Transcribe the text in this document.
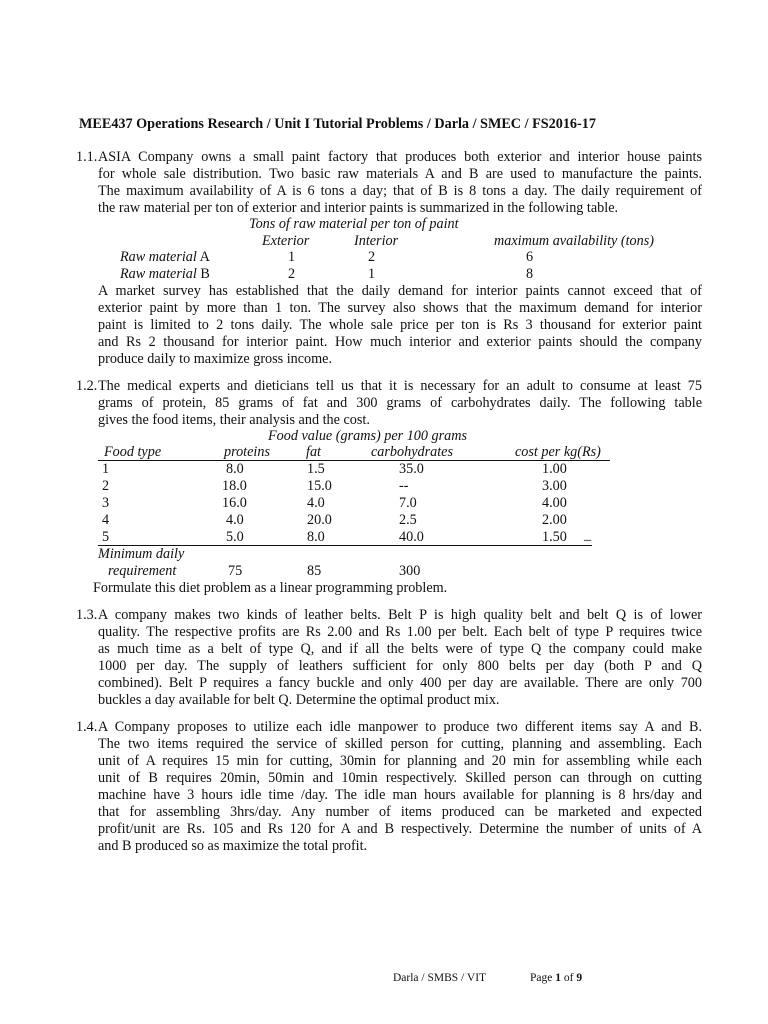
MEE437 Operations Research / Unit I Tutorial Problems / Darla / SMEC / FS2016-17
1.1. ASIA Company owns a small paint factory that produces both exterior and interior house paints
for whole sale distribution. Two basic raw materials A and B are used to manufacture the paints.
The maximum availability of A is 6 tons a day; that of B is 8 tons a day. The daily requirement of
the raw material per ton of exterior and interior paints is summarized in the following table.
Tons of raw material per ton of paint
Exterior	Interior	maximum availability (tons)
Raw material A	1	2	6
Raw material B	2	1	8
A market survey has established that the daily demand for interior paints cannot exceed that of
exterior paint by more than 1 ton. The survey also shows that the maximum demand for interior
paint is limited to 2 tons daily. The whole sale price per ton is Rs 3 thousand for exterior paint
and Rs 2 thousand for interior paint. How much interior and exterior paints should the company
produce daily to maximize gross income.
1.2. The medical experts and dieticians tell us that it is necessary for an adult to consume at least 75
grams of protein, 85 grams of fat and 300 grams of carbohydrates daily. The following table
gives the food items, their analysis and the cost.
Food value (grams) per 100 grams
Food type	proteins	fat	carbohydrates	cost per kg(Rs)
1	8.0	1.5	35.0	1.00
2	18.0	15.0	--	3.00
3	16.0	4.0	7.0	4.00
4	4.0	20.0	2.5	2.00
5	5.0	8.0	40.0	1.50 _
Minimum daily
requirement	75	85	300
Formulate this diet problem as a linear programming problem.
1.3. A company makes two kinds of leather belts. Belt P is high quality belt and belt Q is of lower
quality. The respective profits are Rs 2.00 and Rs 1.00 per belt. Each belt of type P requires twice
as much time as a belt of type Q, and if all the belts were of type Q the company could make
1000 per day. The supply of leathers sufficient for only 800 belts per day (both P and Q
combined). Belt P requires a fancy buckle and only 400 per day are available. There are only 700
buckles a day available for belt Q. Determine the optimal product mix.
1.4. A Company proposes to utilize each idle manpower to produce two different items say A and B.
The two items required the service of skilled person for cutting, planning and assembling. Each
unit of A requires 15 min for cutting, 30min for planning and 20 min for assembling while each
unit of B requires 20min, 50min and 10min respectively. Skilled person can through on cutting
machine have 3 hours idle time /day. The idle man hours available for planning is 8 hrs/day and
that for assembling 3hrs/day. Any number of items produced can be marketed and expected
profit/unit are Rs. 105 and Rs 120 for A and B respectively. Determine the number of units of A
and B produced so as maximize the total profit.
Darla / SMBS / VIT	Page 1 of 9
